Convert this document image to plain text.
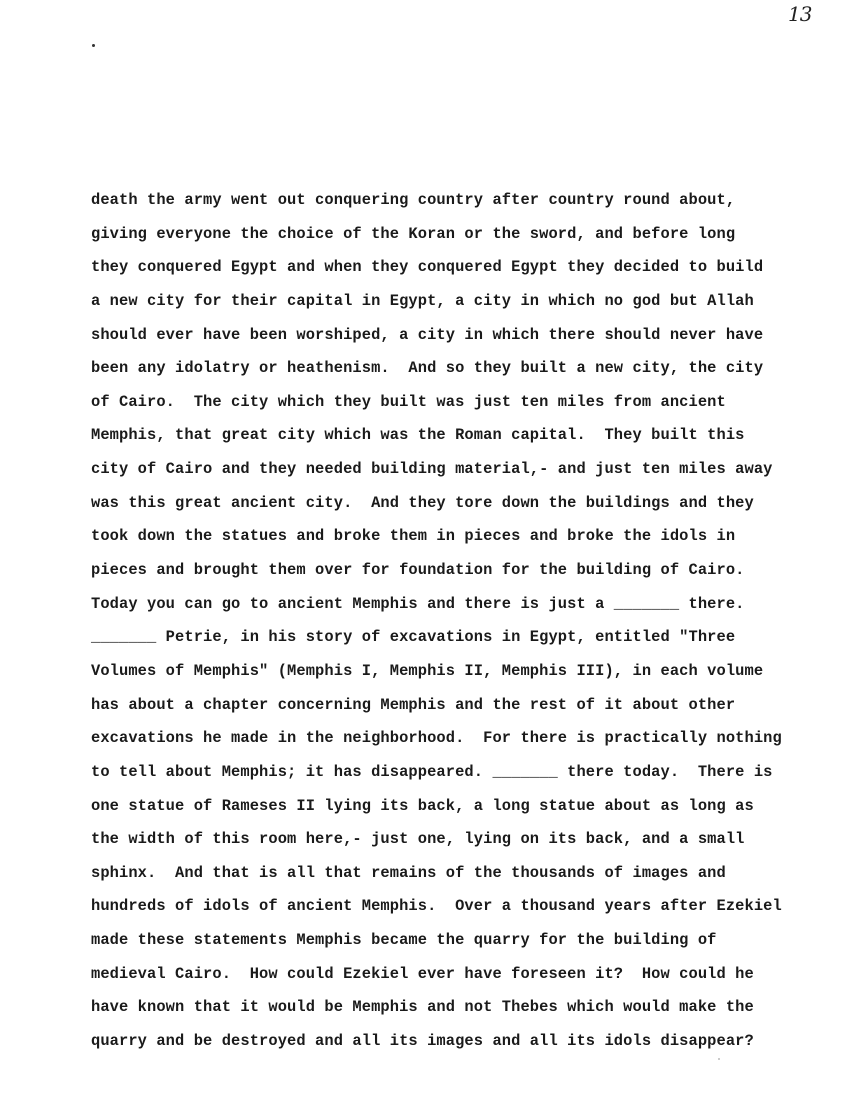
13
death the army went out conquering country after country round about,
giving everyone the choice of the Koran or the sword, and before long
they conquered Egypt and when they conquered Egypt they decided to build
a new city for their capital in Egypt, a city in which no god but Allah
should ever have been worshiped, a city in which there should never have
been any idolatry or heathenism.  And so they built a new city, the city
of Cairo.  The city which they built was just ten miles from ancient
Memphis, that great city which was the Roman capital.  They built this
city of Cairo and they needed building material,- and just ten miles away
was this great ancient city.  And they tore down the buildings and they
took down the statues and broke them in pieces and broke the idols in
pieces and brought them over for foundation for the building of Cairo.
Today you can go to ancient Memphis and there is just a _______ there.
_______ Petrie, in his story of excavations in Egypt, entitled "Three
Volumes of Memphis" (Memphis I, Memphis II, Memphis III), in each volume
has about a chapter concerning Memphis and the rest of it about other
excavations he made in the neighborhood.  For there is practically nothing
to tell about Memphis; it has disappeared. _______ there today.  There is
one statue of Rameses II lying its back, a long statue about as long as
the width of this room here,- just one, lying on its back, and a small
sphinx.  And that is all that remains of the thousands of images and
hundreds of idols of ancient Memphis.  Over a thousand years after Ezekiel
made these statements Memphis became the quarry for the building of
medieval Cairo.  How could Ezekiel ever have foreseen it?  How could he
have known that it would be Memphis and not Thebes which would make the
quarry and be destroyed and all its images and all its idols disappear?
